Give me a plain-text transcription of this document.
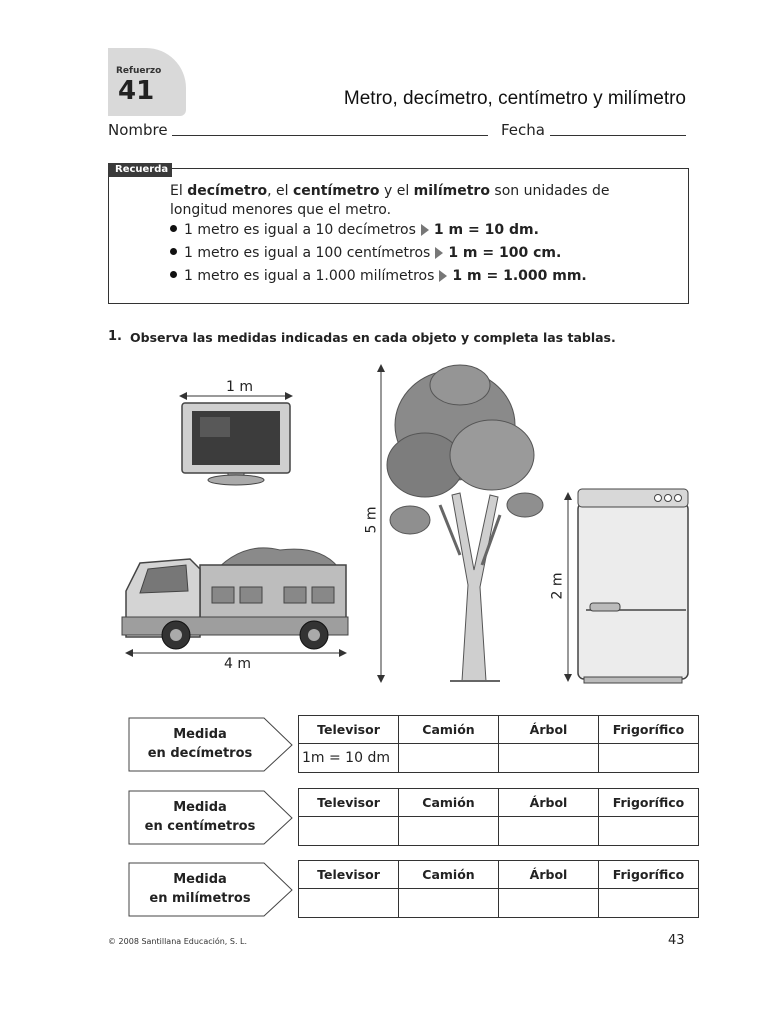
Refuerzo
41	Metro, decímetro, centímetro y milímetro
Nombre	Fecha
Recuerda
El decímetro, el centímetro y el milímetro son unidades de longitud menores que el metro.
1 metro es igual a 10 decímetros 1 m = 10 dm.
1 metro es igual a 100 centímetros 1 m = 100 cm.
1 metro es igual a 1.000 milímetros 1 m = 1.000 mm.
1. Observa las medidas indicadas en cada objeto y completa las tablas.
1 m
4 m
5 m
2 m
Medida
en decímetros
Medida
en centímetros
Medida
en milímetros
Televisor	Camión	Árbol	Frigorífico
1m = 10 dm			
Televisor	Camión	Árbol	Frigorífico

Televisor	Camión	Árbol	Frigorífico

© 2008 Santillana Educación, S. L.	43
